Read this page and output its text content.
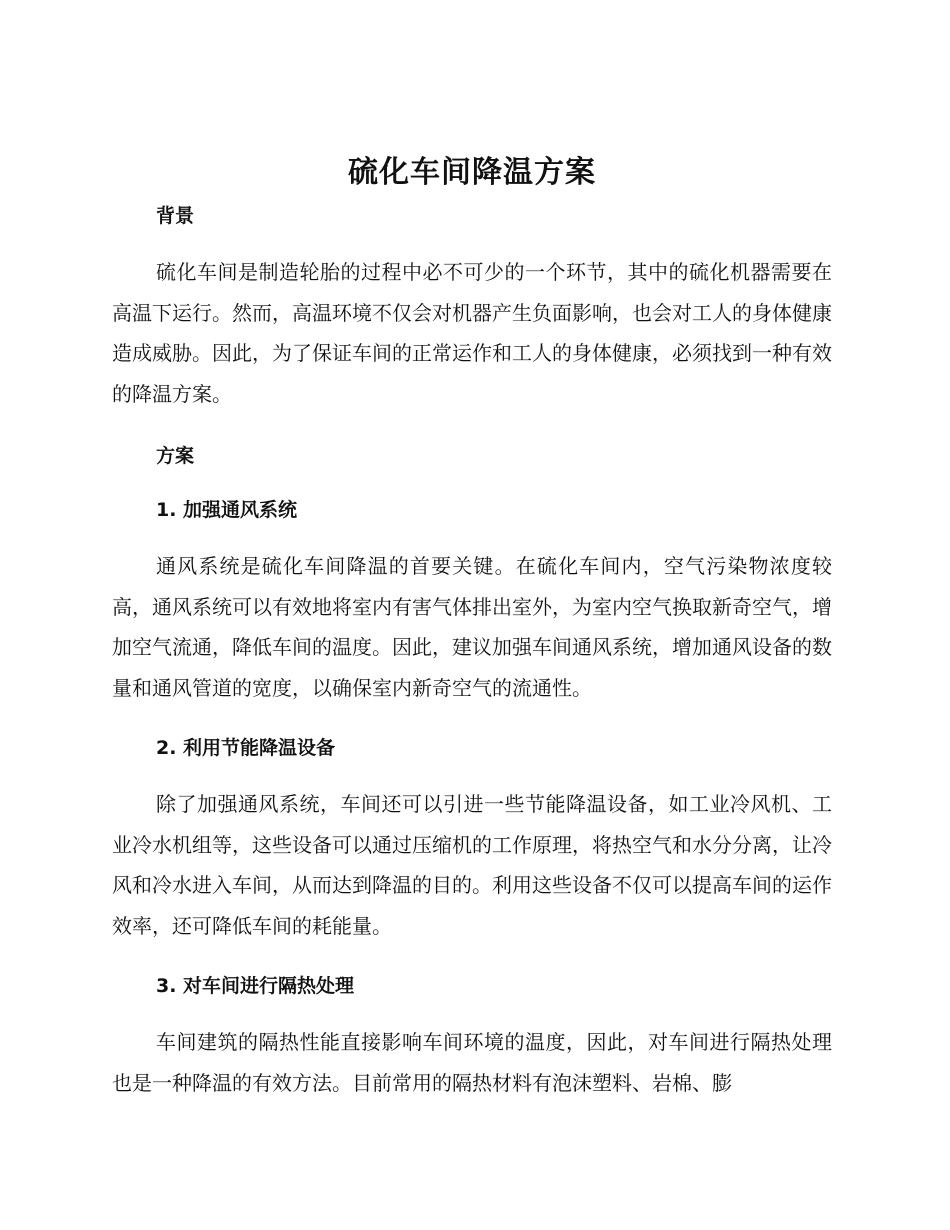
硫化车间降温方案
背景

硫化车间是制造轮胎的过程中必不可少的一个环节，其中的硫化机器需要在高温下运行。然而，高温环境不仅会对机器产生负面影响，也会对工人的身体健康造成威胁。因此，为了保证车间的正常运作和工人的身体健康，必须找到一种有效的降温方案。

方案
1. 加强通风系统

通风系统是硫化车间降温的首要关键。在硫化车间内，空气污染物浓度较高，通风系统可以有效地将室内有害气体排出室外，为室内空气换取新奇空气，增加空气流通，降低车间的温度。因此，建议加强车间通风系统，增加通风设备的数量和通风管道的宽度，以确保室内新奇空气的流通性。

2. 利用节能降温设备

除了加强通风系统，车间还可以引进一些节能降温设备，如工业冷风机、工业冷水机组等，这些设备可以通过压缩机的工作原理，将热空气和水分分离，让冷风和冷水进入车间，从而达到降温的目的。利用这些设备不仅可以提高车间的运作效率，还可降低车间的耗能量。

3. 对车间进行隔热处理

车间建筑的隔热性能直接影响车间环境的温度，因此，对车间进行隔热处理也是一种降温的有效方法。目前常用的隔热材料有泡沫塑料、岩棉、膨
